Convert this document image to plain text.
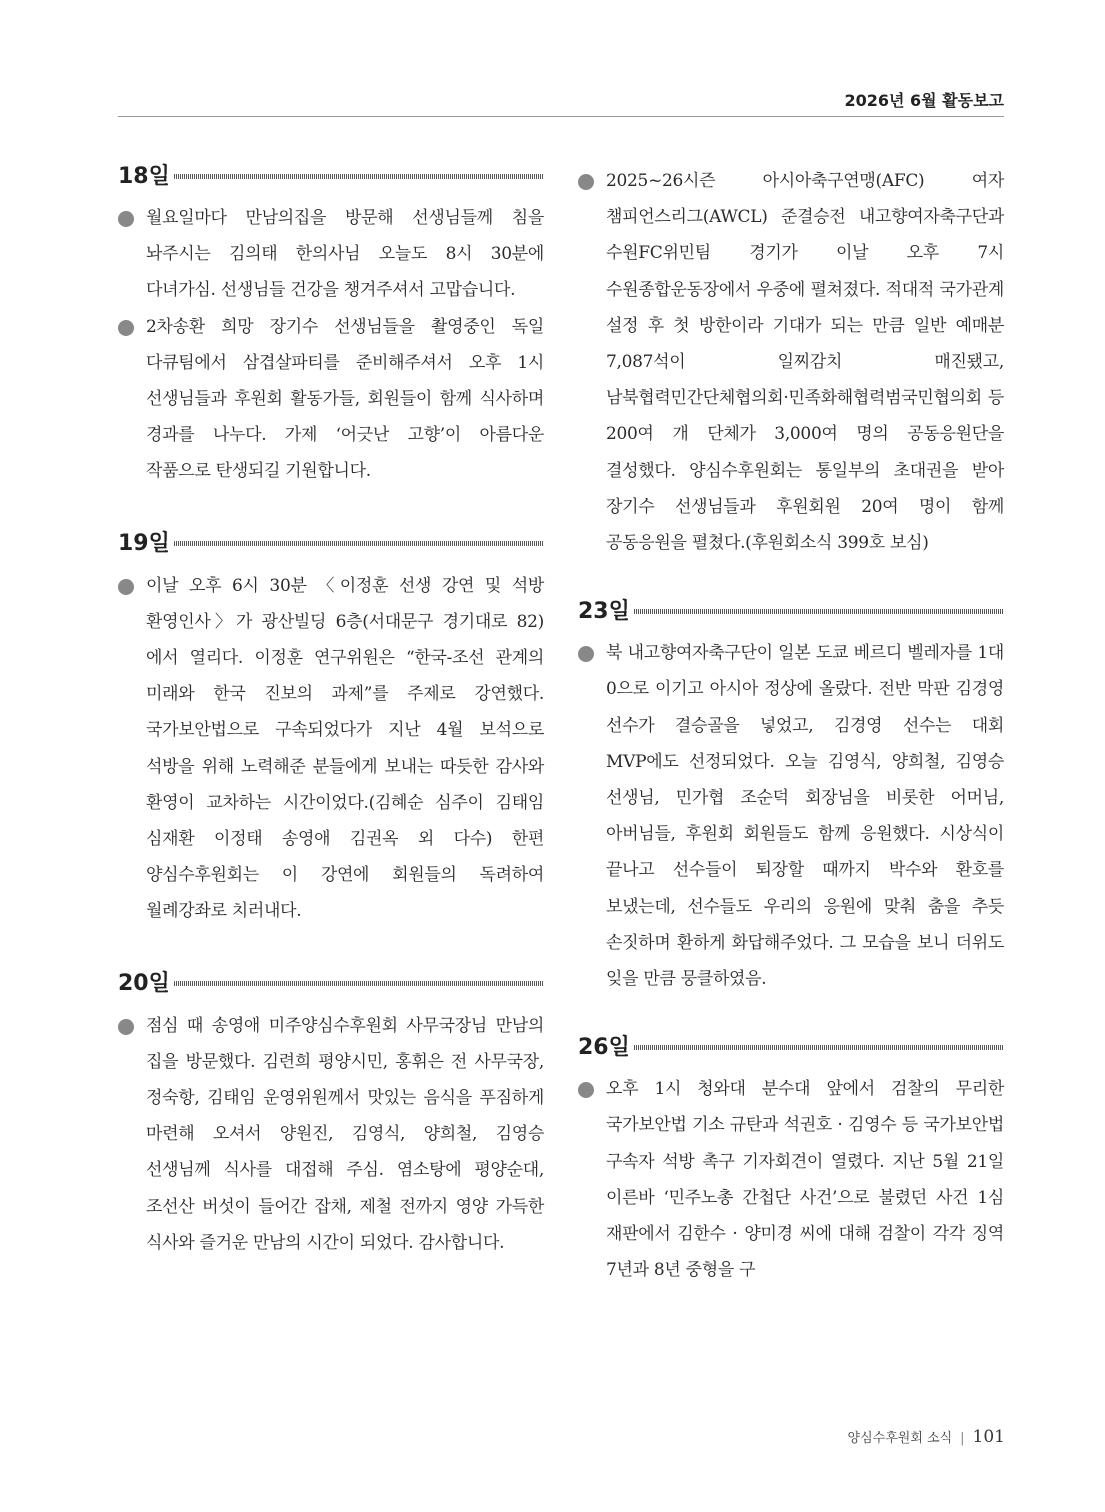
2026년 6월 활동보고
18일
월요일마다 만남의집을 방문해 선생님들께 침을 놔주시는 김의태 한의사님 오늘도 8시 30분에 다녀가심. 선생님들 건강을 챙겨주셔서 고맙습니다.
2차송환 희망 장기수 선생님들을 촬영중인 독일 다큐팀에서 삼겹살파티를 준비해주셔서 오후 1시 선생님들과 후원회 활동가들, 회원들이 함께 식사하며 경과를 나누다. 가제 ‘어긋난 고향’이 아름다운 작품으로 탄생되길 기원합니다.
19일
이날 오후 6시 30분 〈이정훈 선생 강연 및 석방 환영인사〉가 광산빌딩 6층(서대문구 경기대로 82)에서 열리다. 이정훈 연구위원은 “한국-조선 관계의 미래와 한국 진보의 과제”를 주제로 강연했다. 국가보안법으로 구속되었다가 지난 4월 보석으로 석방을 위해 노력해준 분들에게 보내는 따듯한 감사와 환영이 교차하는 시간이었다.(김혜순 심주이 김태임 심재환 이정태 송영애 김권옥 외 다수) 한편 양심수후원회는 이 강연에 회원들의 독려하여 월례강좌로 치러내다.
20일
점심 때 송영애 미주양심수후원회 사무국장님 만남의 집을 방문했다. 김련희 평양시민, 홍휘은 전 사무국장, 정숙항, 김태임 운영위원께서 맛있는 음식을 푸짐하게 마련해 오셔서 양원진, 김영식, 양희철, 김영승 선생님께 식사를 대접해 주심. 염소탕에 평양순대, 조선산 버섯이 들어간 잡채, 제철 전까지 영양 가득한 식사와 즐거운 만남의 시간이 되었다. 감사합니다.
2025~26시즌 아시아축구연맹(AFC) 여자 챔피언스리그(AWCL) 준결승전 내고향여자축구단과 수원FC위민팀 경기가 이날 오후 7시 수원종합운동장에서 우중에 펼쳐졌다. 적대적 국가관계 설정 후 첫 방한이라 기대가 되는 만큼 일반 예매분 7,087석이 일찌감치 매진됐고, 남북협력민간단체협의회·민족화해협력범국민협의회 등 200여 개 단체가 3,000여 명의 공동응원단을 결성했다. 양심수후원회는 통일부의 초대권을 받아 장기수 선생님들과 후원회원 20여 명이 함께 공동응원을 펼쳤다.(후원회소식 399호 보심)
23일
북 내고향여자축구단이 일본 도쿄 베르디 벨레자를 1대 0으로 이기고 아시아 정상에 올랐다. 전반 막판 김경영 선수가 결승골을 넣었고, 김경영 선수는 대회 MVP에도 선정되었다. 오늘 김영식, 양희철, 김영승 선생님, 민가협 조순덕 회장님을 비롯한 어머님, 아버님들, 후원회 회원들도 함께 응원했다. 시상식이 끝나고 선수들이 퇴장할 때까지 박수와 환호를 보냈는데, 선수들도 우리의 응원에 맞춰 춤을 추듯 손짓하며 환하게 화답해주었다. 그 모습을 보니 더위도 잊을 만큼 뭉클하였음.
26일
오후 1시 청와대 분수대 앞에서 검찰의 무리한 국가보안법 기소 규탄과 석권호 · 김영수 등 국가보안법 구속자 석방 촉구 기자회견이 열렸다. 지난 5월 21일 이른바 ‘민주노총 간첩단 사건’으로 불렸던 사건 1심 재판에서 김한수 · 양미경 씨에 대해 검찰이 각각 징역 7년과 8년 중형을 구
양심수후원회 소식 | 101
